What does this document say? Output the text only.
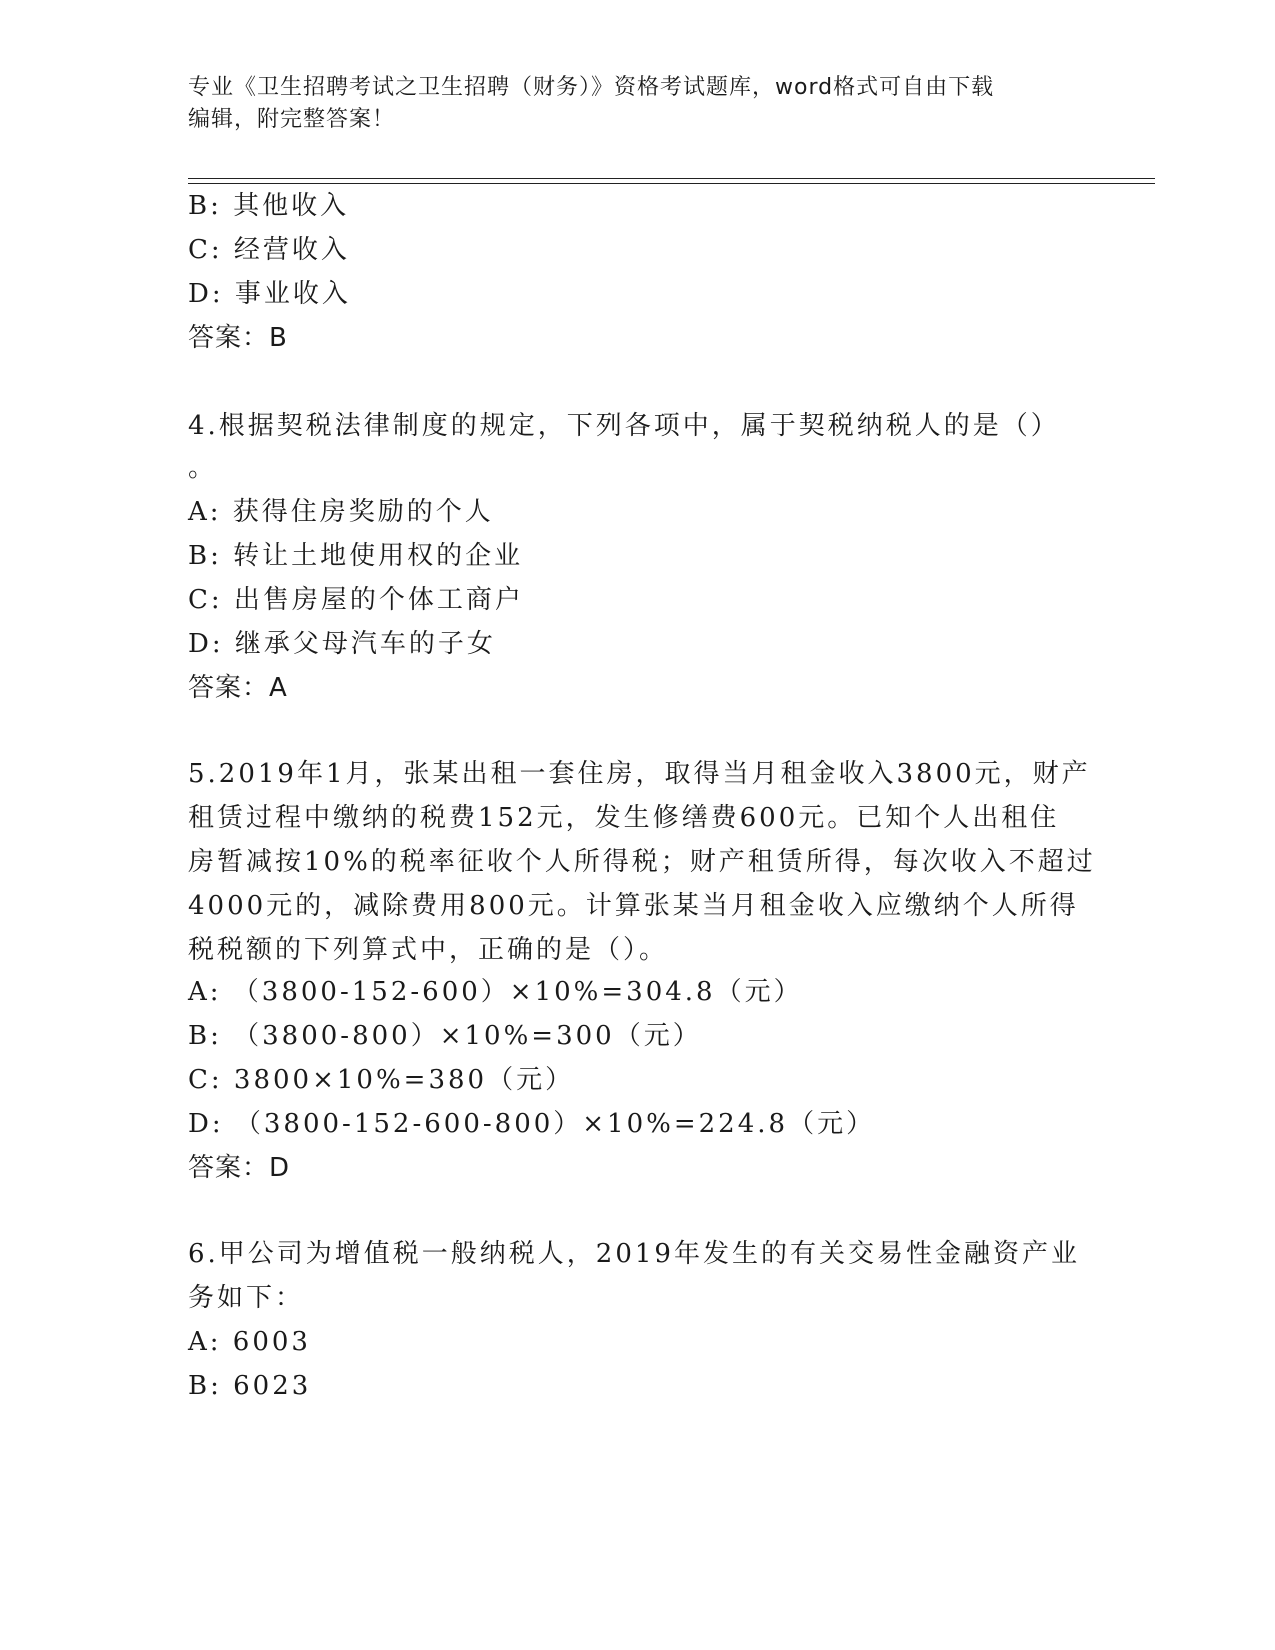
专业《卫生招聘考试之卫生招聘（财务）》资格考试题库，word格式可自由下载
编辑，附完整答案！
B: 其他收入
C: 经营收入
D: 事业收入
答案：B
4.根据契税法律制度的规定，下列各项中，属于契税纳税人的是（）
。
A: 获得住房奖励的个人
B: 转让土地使用权的企业
C: 出售房屋的个体工商户
D: 继承父母汽车的子女
答案：A
5.2019年1月，张某出租一套住房，取得当月租金收入3800元，财产
租赁过程中缴纳的税费152元，发生修缮费600元。已知个人出租住
房暂减按10%的税率征收个人所得税；财产租赁所得，每次收入不超过
4000元的，减除费用800元。计算张某当月租金收入应缴纳个人所得
税税额的下列算式中，正确的是（）。
A: （3800-152-600）×10%=304.8（元）
B: （3800-800）×10%=300（元）
C: 3800×10%=380（元）
D: （3800-152-600-800）×10%=224.8（元）
答案：D
6.甲公司为增值税一般纳税人，2019年发生的有关交易性金融资产业
务如下：
A: 6003
B: 6023
